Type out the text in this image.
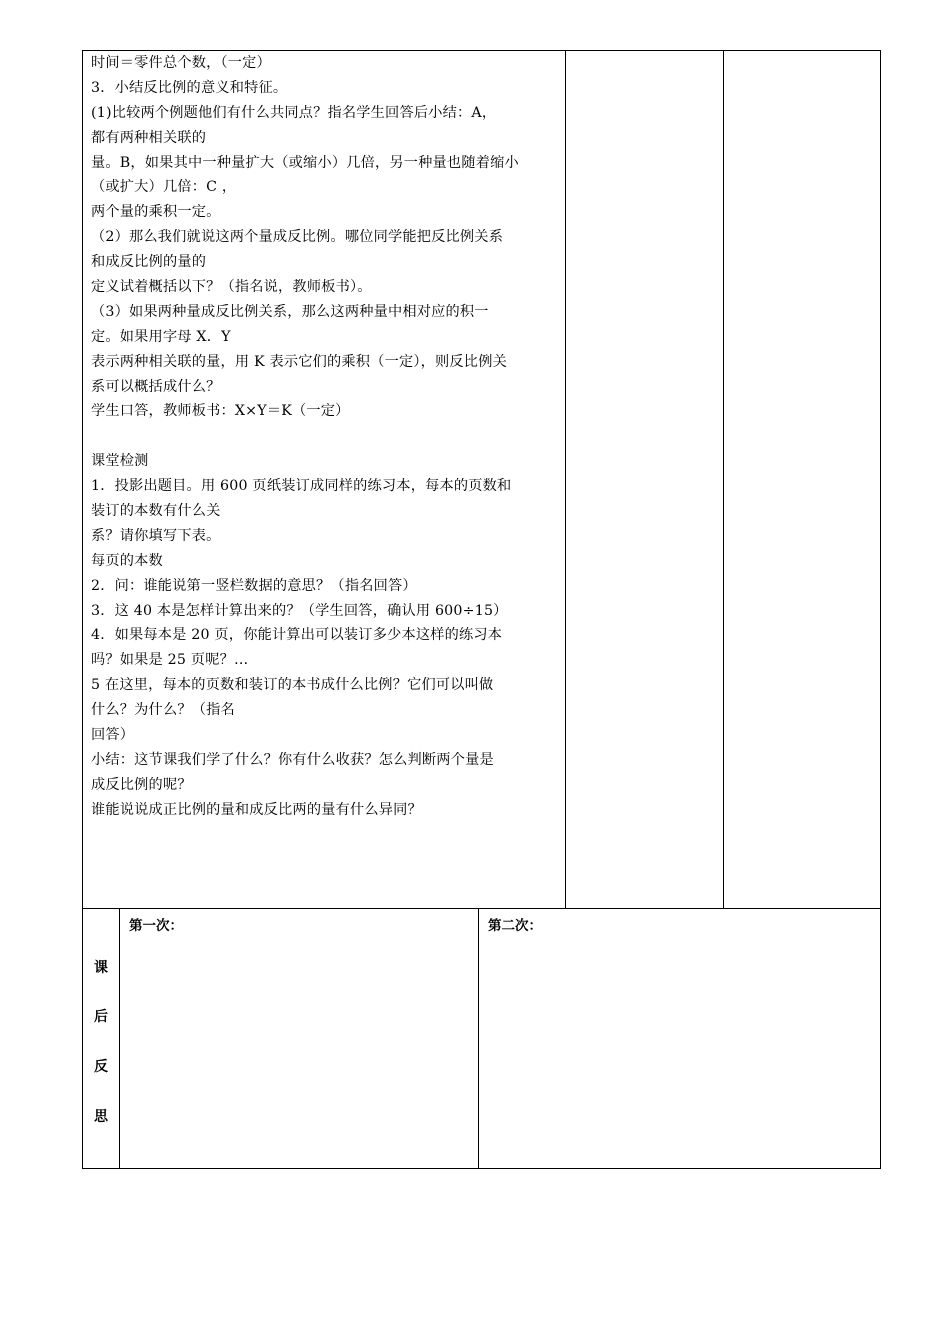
时间＝零件总个数，（一定）
3．小结反比例的意义和特征。
(1)比较两个例题他们有什么共同点？指名学生回答后小结：A，
都有两种相关联的
量。B，如果其中一种量扩大（或缩小）几倍，另一种量也随着缩小
（或扩大）几倍：C ，
两个量的乘积一定。
（2）那么我们就说这两个量成反比例。哪位同学能把反比例关系
和成反比例的量的
定义试着概括以下？（指名说，教师板书）。
（3）如果两种量成反比例关系，那么这两种量中相对应的积一
定。如果用字母 X．Y
表示两种相关联的量，用 K 表示它们的乘积（一定），则反比例关
系可以概括成什么？
学生口答，教师板书：X×Y＝K（一定）
课堂检测
1．投影出题目。用 600 页纸装订成同样的练习本，每本的页数和
装订的本数有什么关
系？请你填写下表。
每页的本数
2．问：谁能说第一竖栏数据的意思？（指名回答）
3．这 40 本是怎样计算出来的？（学生回答，确认用 600÷15）
4．如果每本是 20 页，你能计算出可以装订多少本这样的练习本
吗？如果是 25 页呢？…
5 在这里，每本的页数和装订的本书成什么比例？它们可以叫做
什么？为什么？（指名
回答）
小结：这节课我们学了什么？你有什么收获？怎么判断两个量是
成反比例的呢？
谁能说说成正比例的量和成反比两的量有什么异同？
课
后
反
思
第一次：	第二次：
